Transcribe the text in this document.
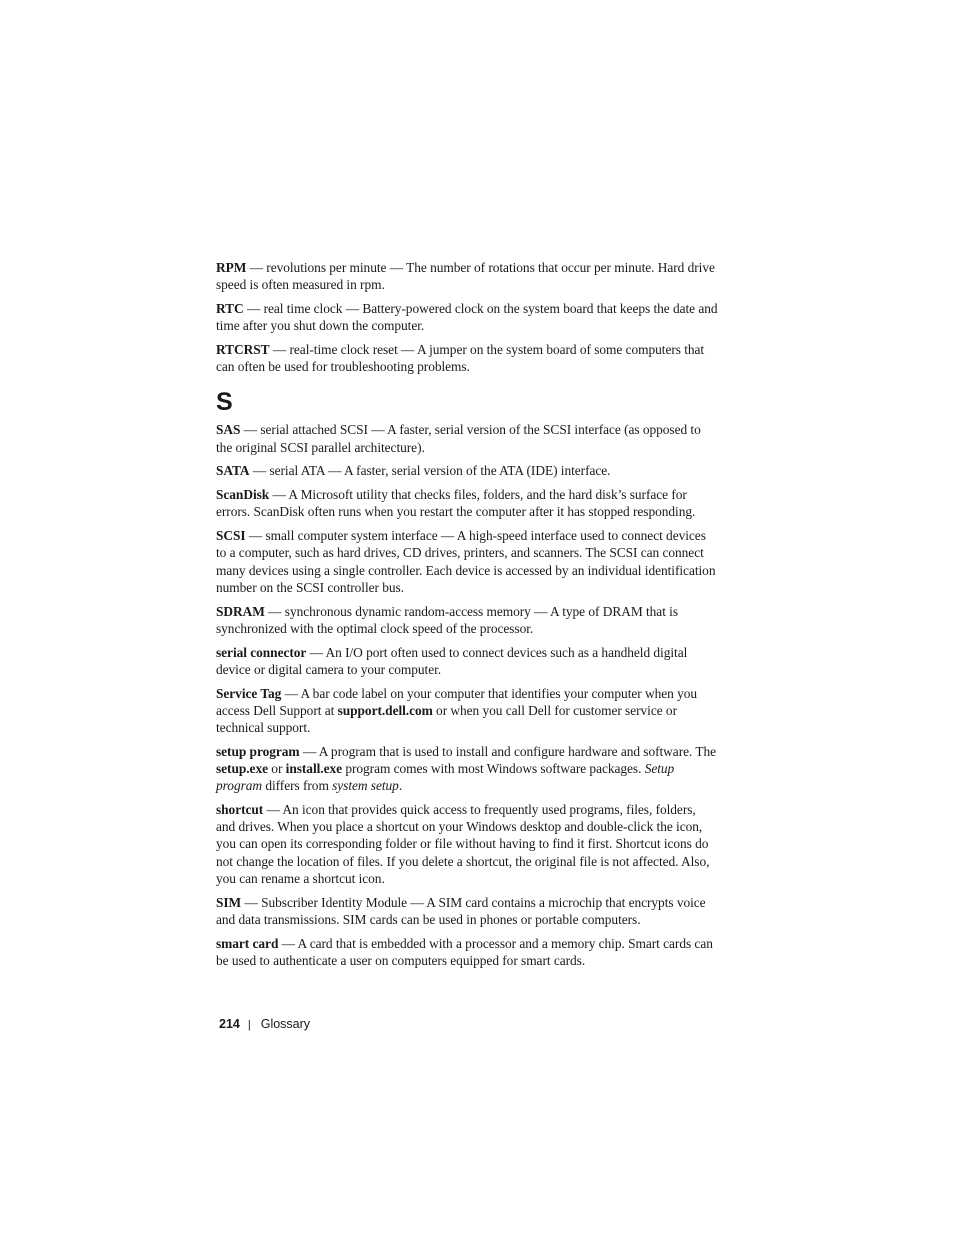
RPM — revolutions per minute — The number of rotations that occur per minute. Hard drive speed is often measured in rpm.

RTC — real time clock — Battery-powered clock on the system board that keeps the date and time after you shut down the computer.

RTCRST — real-time clock reset — A jumper on the system board of some computers that can often be used for troubleshooting problems.

S

SAS — serial attached SCSI — A faster, serial version of the SCSI interface (as opposed to the original SCSI parallel architecture).

SATA — serial ATA — A faster, serial version of the ATA (IDE) interface.

ScanDisk — A Microsoft utility that checks files, folders, and the hard disk’s surface for errors. ScanDisk often runs when you restart the computer after it has stopped responding.

SCSI — small computer system interface — A high-speed interface used to connect devices to a computer, such as hard drives, CD drives, printers, and scanners. The SCSI can connect many devices using a single controller. Each device is accessed by an individual identification number on the SCSI controller bus.

SDRAM — synchronous dynamic random-access memory — A type of DRAM that is synchronized with the optimal clock speed of the processor.

serial connector — An I/O port often used to connect devices such as a handheld digital device or digital camera to your computer.

Service Tag — A bar code label on your computer that identifies your computer when you access Dell Support at support.dell.com or when you call Dell for customer service or technical support.

setup program — A program that is used to install and configure hardware and software. The setup.exe or install.exe program comes with most Windows software packages. Setup program differs from system setup.

shortcut — An icon that provides quick access to frequently used programs, files, folders, and drives. When you place a shortcut on your Windows desktop and double-click the icon, you can open its corresponding folder or file without having to find it first. Shortcut icons do not change the location of files. If you delete a shortcut, the original file is not affected. Also, you can rename a shortcut icon.

SIM — Subscriber Identity Module — A SIM card contains a microchip that encrypts voice and data transmissions. SIM cards can be used in phones or portable computers.

smart card — A card that is embedded with a processor and a memory chip. Smart cards can be used to authenticate a user on computers equipped for smart cards.

214 | Glossary
